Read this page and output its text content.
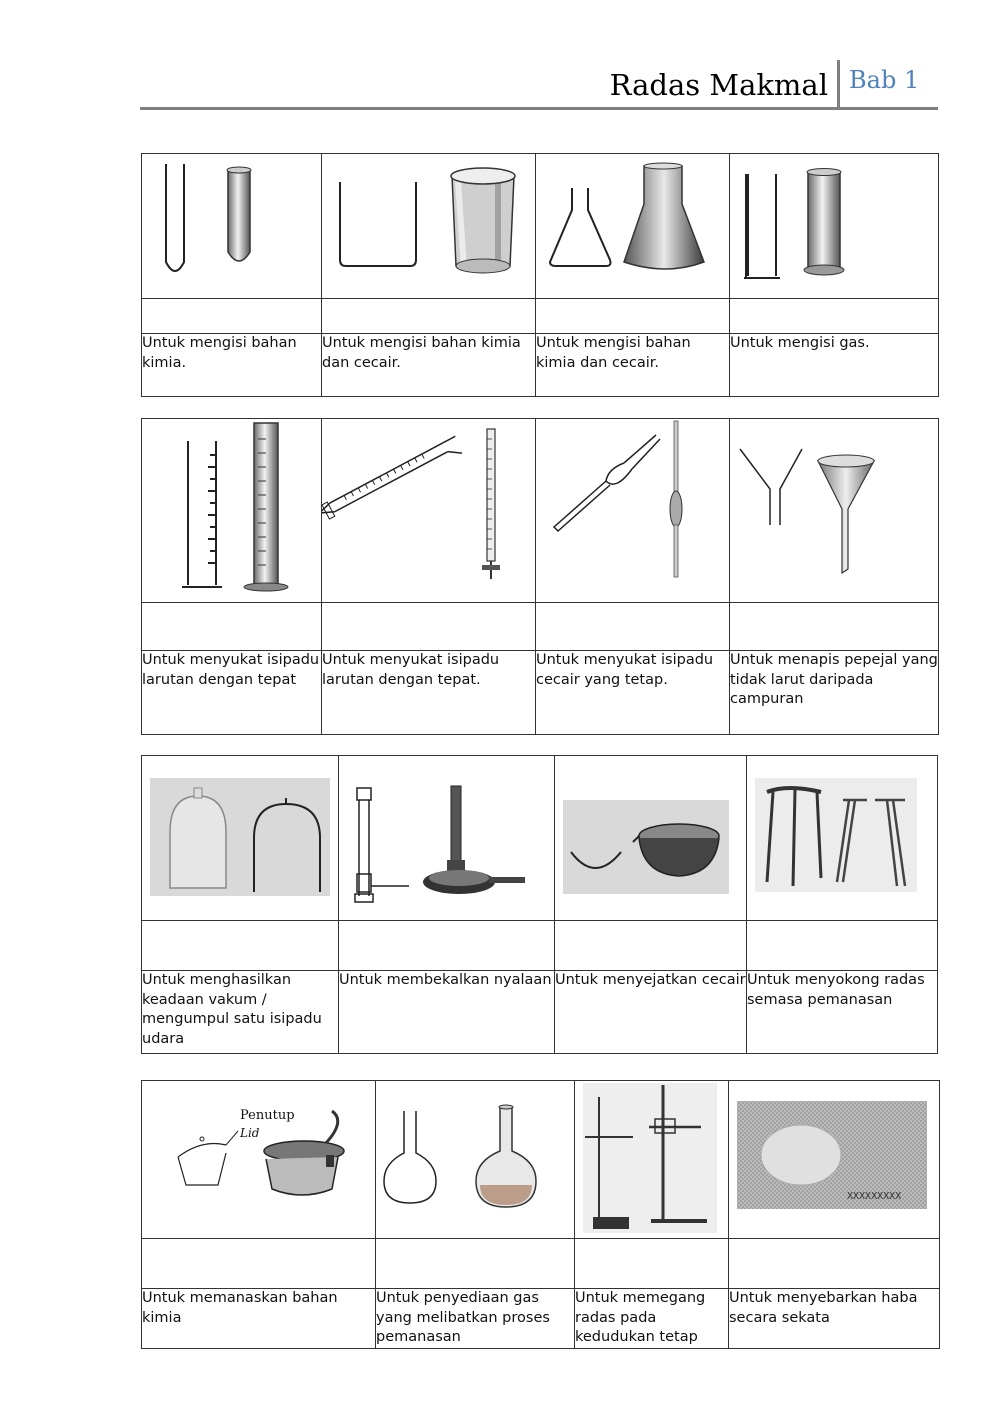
Radas Makmal Bab 1

Untuk mengisi bahan kimia.	Untuk mengisi bahan kimia dan cecair.	Untuk mengisi bahan kimia dan cecair.	Untuk mengisi gas.

Untuk menyukat isipadu larutan dengan tepat	Untuk menyukat isipadu larutan dengan tepat.	Untuk menyukat isipadu cecair yang tetap.	Untuk menapis pepejal yang tidak larut daripada campuran

Untuk menghasilkan keadaan vakum / mengumpul satu isipadu udara	Untuk membekalkan nyalaan	Untuk menyejatkan cecair	Untuk menyokong radas semasa pemanasan
Penutup
Lid			XXXXXXXXX

Untuk memanaskan bahan kimia	Untuk penyediaan gas yang melibatkan proses pemanasan	Untuk memegang radas pada kedudukan tetap	Untuk menyebarkan haba secara sekata
